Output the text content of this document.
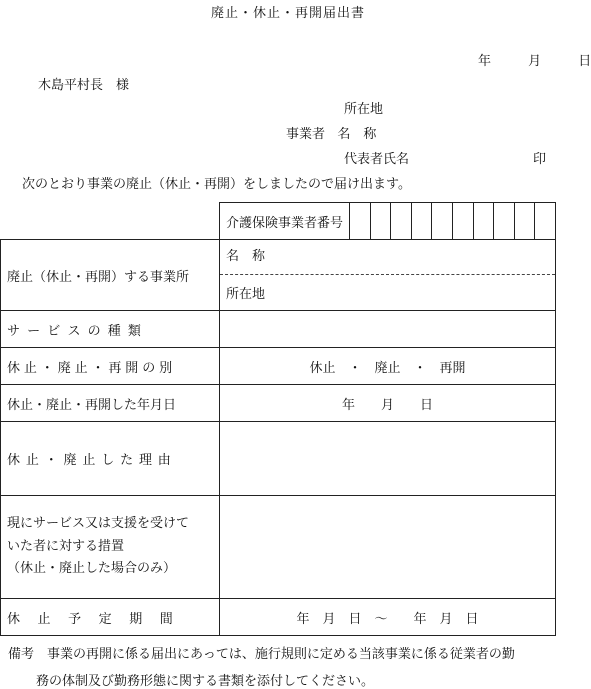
廃止・休止・再開届出書
年	月	日
木島平村長　様
所在地
事業者 名　称
代表者氏名	印
次のとおり事業の廃止（休止・再開）をしましたので届け出ます。

介護保険事業者番号

廃止（休止・再開）する事業所	名　称
所在地

サービスの種類	
休止・廃止・再開の別	休止　・　廃止　・　再開
休止・廃止・再開した年月日	年　　月　　日
休止・廃止した理由	

現にサービス又は支援を受けて
いた者に対する措置
（休止・廃止した場合のみ）	

休止予定期間	年　月　日　～　　年　月　日
備考　事業の再開に係る届出にあっては、施行規則に定める当該事業に係る従業者の勤
務の体制及び勤務形態に関する書類を添付してください。
